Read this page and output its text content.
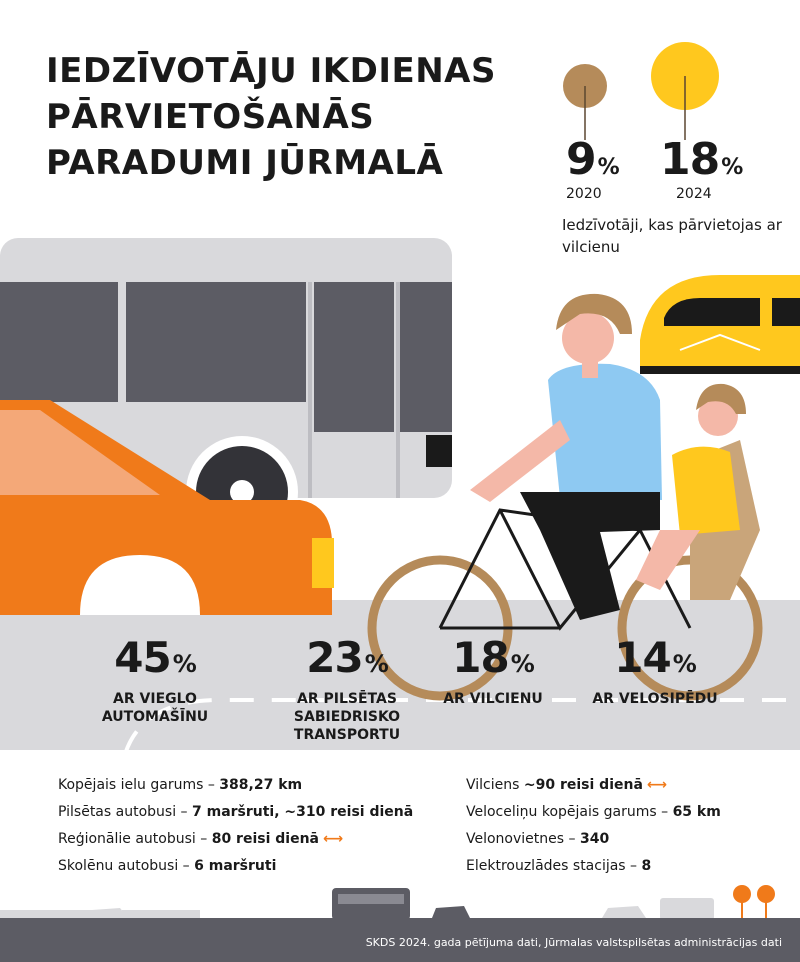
IEDZĪVOTĀJU IKDIENAS
PĀRVIETOŠANĀS
PARADUMI JŪRMALĀ	9%
2020
18%
2024
Iedzīvotāji, kas pārvietojas ar vilcienu
45%
AR VIEGLO AUTOMAŠĪNU
23%
AR PILSĒTAS SABIEDRISKO TRANSPORTU
18%
AR VILCIENU
14%
AR VELOSIPĒDU
Kopējais ielu garums – 388,27 km
Pilsētas autobusi – 7 maršruti, ~310 reisi dienā
Reģionālie autobusi – 80 reisi dienā ⟷
Skolēnu autobusi – 6 maršruti
Vilciens ~90 reisi dienā ⟷
Veloceliņu kopējais garums – 65 km
Velonovietnes – 340
Elektrouzlādes stacijas – 8
SKDS 2024. gada pētījuma dati, Jūrmalas valstspilsētas administrācijas dati
